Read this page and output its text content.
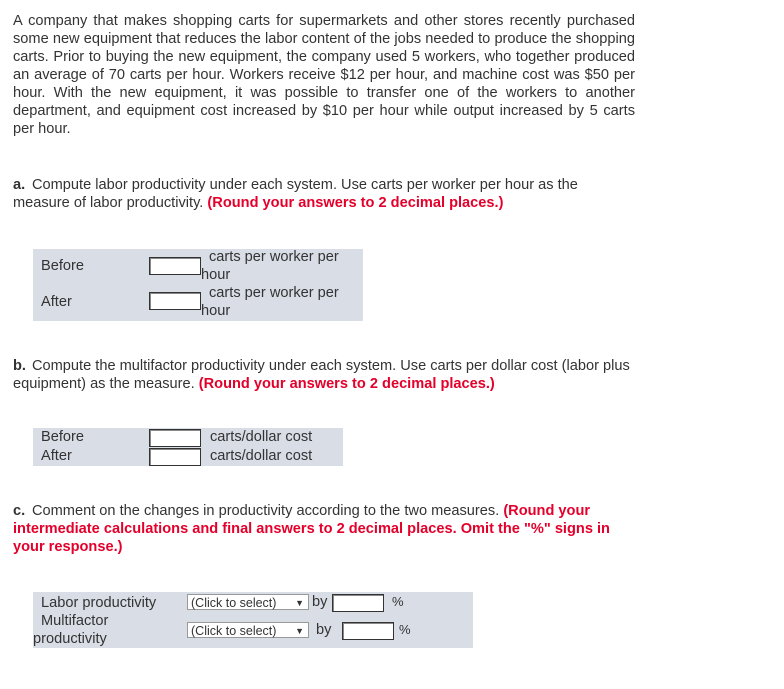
A company that makes shopping carts for supermarkets and other stores recently purchased some new equipment that reduces the labor content of the jobs needed to produce the shopping carts. Prior to buying the new equipment, the company used 5 workers, who together produced an average of 70 carts per hour. Workers receive $12 per hour, and machine cost was $50 per hour. With the new equipment, it was possible to transfer one of the workers to another department, and equipment cost increased by $10 per hour while output increased by 5 carts per hour.

a. Compute labor productivity under each system. Use carts per worker per hour as the measure of labor productivity. (Round your answers to 2 decimal places.)
Before
carts per worker per
hour
After
carts per worker per
hour
b. Compute the multifactor productivity under each system. Use carts per dollar cost (labor plus equipment) as the measure. (Round your answers to 2 decimal places.)
Before	carts/dollar cost
After	carts/dollar cost
c. Comment on the changes in productivity according to the two measures. (Round your intermediate calculations and final answers to 2 decimal places. Omit the "%" signs in your response.)
Labor productivity	(Click to select) ▼ by	%
Multifactor
productivity	(Click to select) ▼ by	%
